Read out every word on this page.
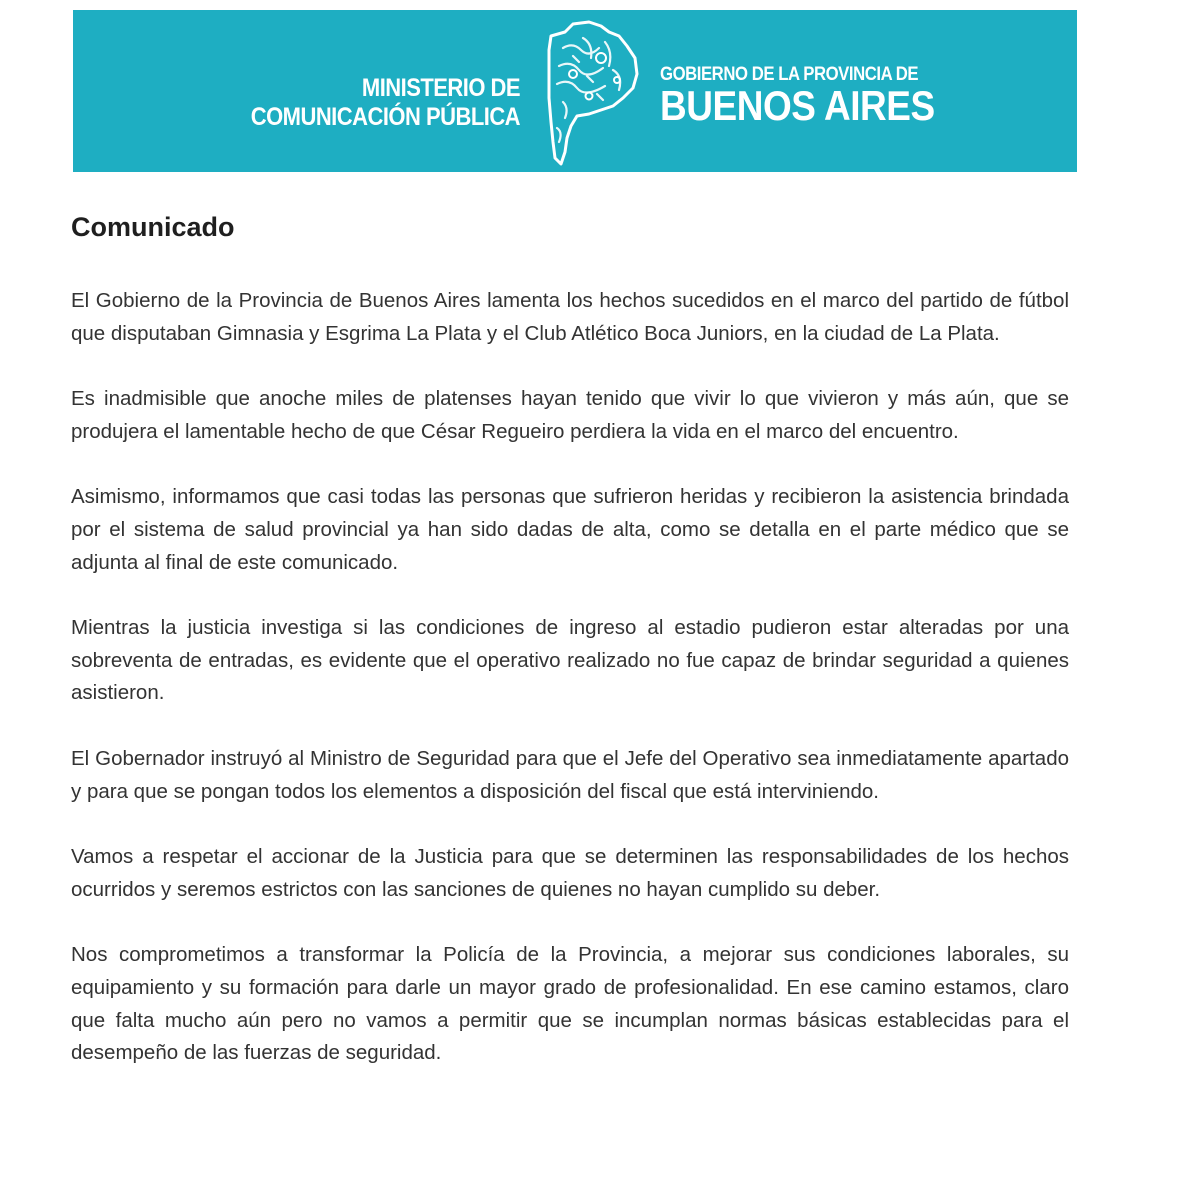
MINISTERIO DE
COMUNICACIÓN PÚBLICA
GOBIERNO DE LA PROVINCIA DE
BUENOS AIRES
Comunicado

El Gobierno de la Provincia de Buenos Aires lamenta los hechos sucedidos en el marco del partido de fútbol que disputaban Gimnasia y Esgrima La Plata y el Club Atlético Boca Juniors, en la ciudad de La Plata.

Es inadmisible que anoche miles de platenses hayan tenido que vivir lo que vivieron y más aún, que se produjera el lamentable hecho de que César Regueiro perdiera la vida en el marco del encuentro.

Asimismo, informamos que casi todas las personas que sufrieron heridas y recibieron la asistencia brindada por el sistema de salud provincial ya han sido dadas de alta, como se detalla en el parte médico que se adjunta al final de este comunicado.

Mientras la justicia investiga si las condiciones de ingreso al estadio pudieron estar alteradas por una sobreventa de entradas, es evidente que el operativo realizado no fue capaz de brindar seguridad a quienes asistieron.

El Gobernador instruyó al Ministro de Seguridad para que el Jefe del Operativo sea inmediatamente apartado y para que se pongan todos los elementos a disposición del fiscal que está interviniendo.

Vamos a respetar el accionar de la Justicia para que se determinen las responsabilidades de los hechos ocurridos y seremos estrictos con las sanciones de quienes no hayan cumplido su deber.

Nos comprometimos a transformar la Policía de la Provincia, a mejorar sus condiciones laborales, su equipamiento y su formación para darle un mayor grado de profesionalidad. En ese camino estamos, claro que falta mucho aún pero no vamos a permitir que se incumplan normas básicas establecidas para el desempeño de las fuerzas de seguridad.
